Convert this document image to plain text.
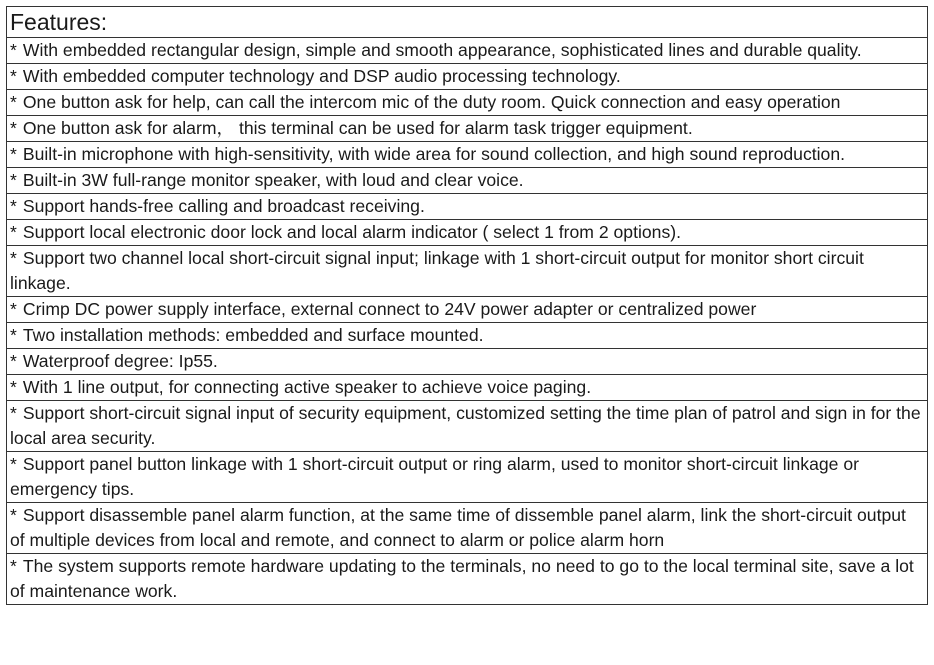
Features:
* With embedded rectangular design, simple and smooth appearance, sophisticated lines and durable quality.
* With embedded computer technology and DSP audio processing technology.
* One button ask for help, can call the intercom mic of the duty room. Quick connection and easy operation
* One button ask for alarm， this terminal can be used for alarm task trigger equipment.
* Built-in microphone with high-sensitivity, with wide area for sound collection, and high sound reproduction.
* Built-in 3W full-range monitor speaker, with loud and clear voice.
* Support hands-free calling and broadcast receiving.
* Support local electronic door lock and local alarm indicator ( select 1 from 2 options).
* Support two channel local short-circuit signal input; linkage with 1 short-circuit output for monitor short circuit linkage.
* Crimp DC power supply interface, external connect to 24V power adapter or centralized power
* Two installation methods: embedded and surface mounted.
* Waterproof degree: Ip55.
* With 1 line output, for connecting active speaker to achieve voice paging.
* Support short-circuit signal input of security equipment, customized setting the time plan of patrol and sign in for the local area security.
* Support panel button linkage with 1 short-circuit output or ring alarm, used to monitor short-circuit linkage or emergency tips.
* Support disassemble panel alarm function, at the same time of dissemble panel alarm, link the short-circuit output of multiple devices from local and remote, and connect to alarm or police alarm horn
* The system supports remote hardware updating to the terminals, no need to go to the local terminal site, save a lot of maintenance work.
